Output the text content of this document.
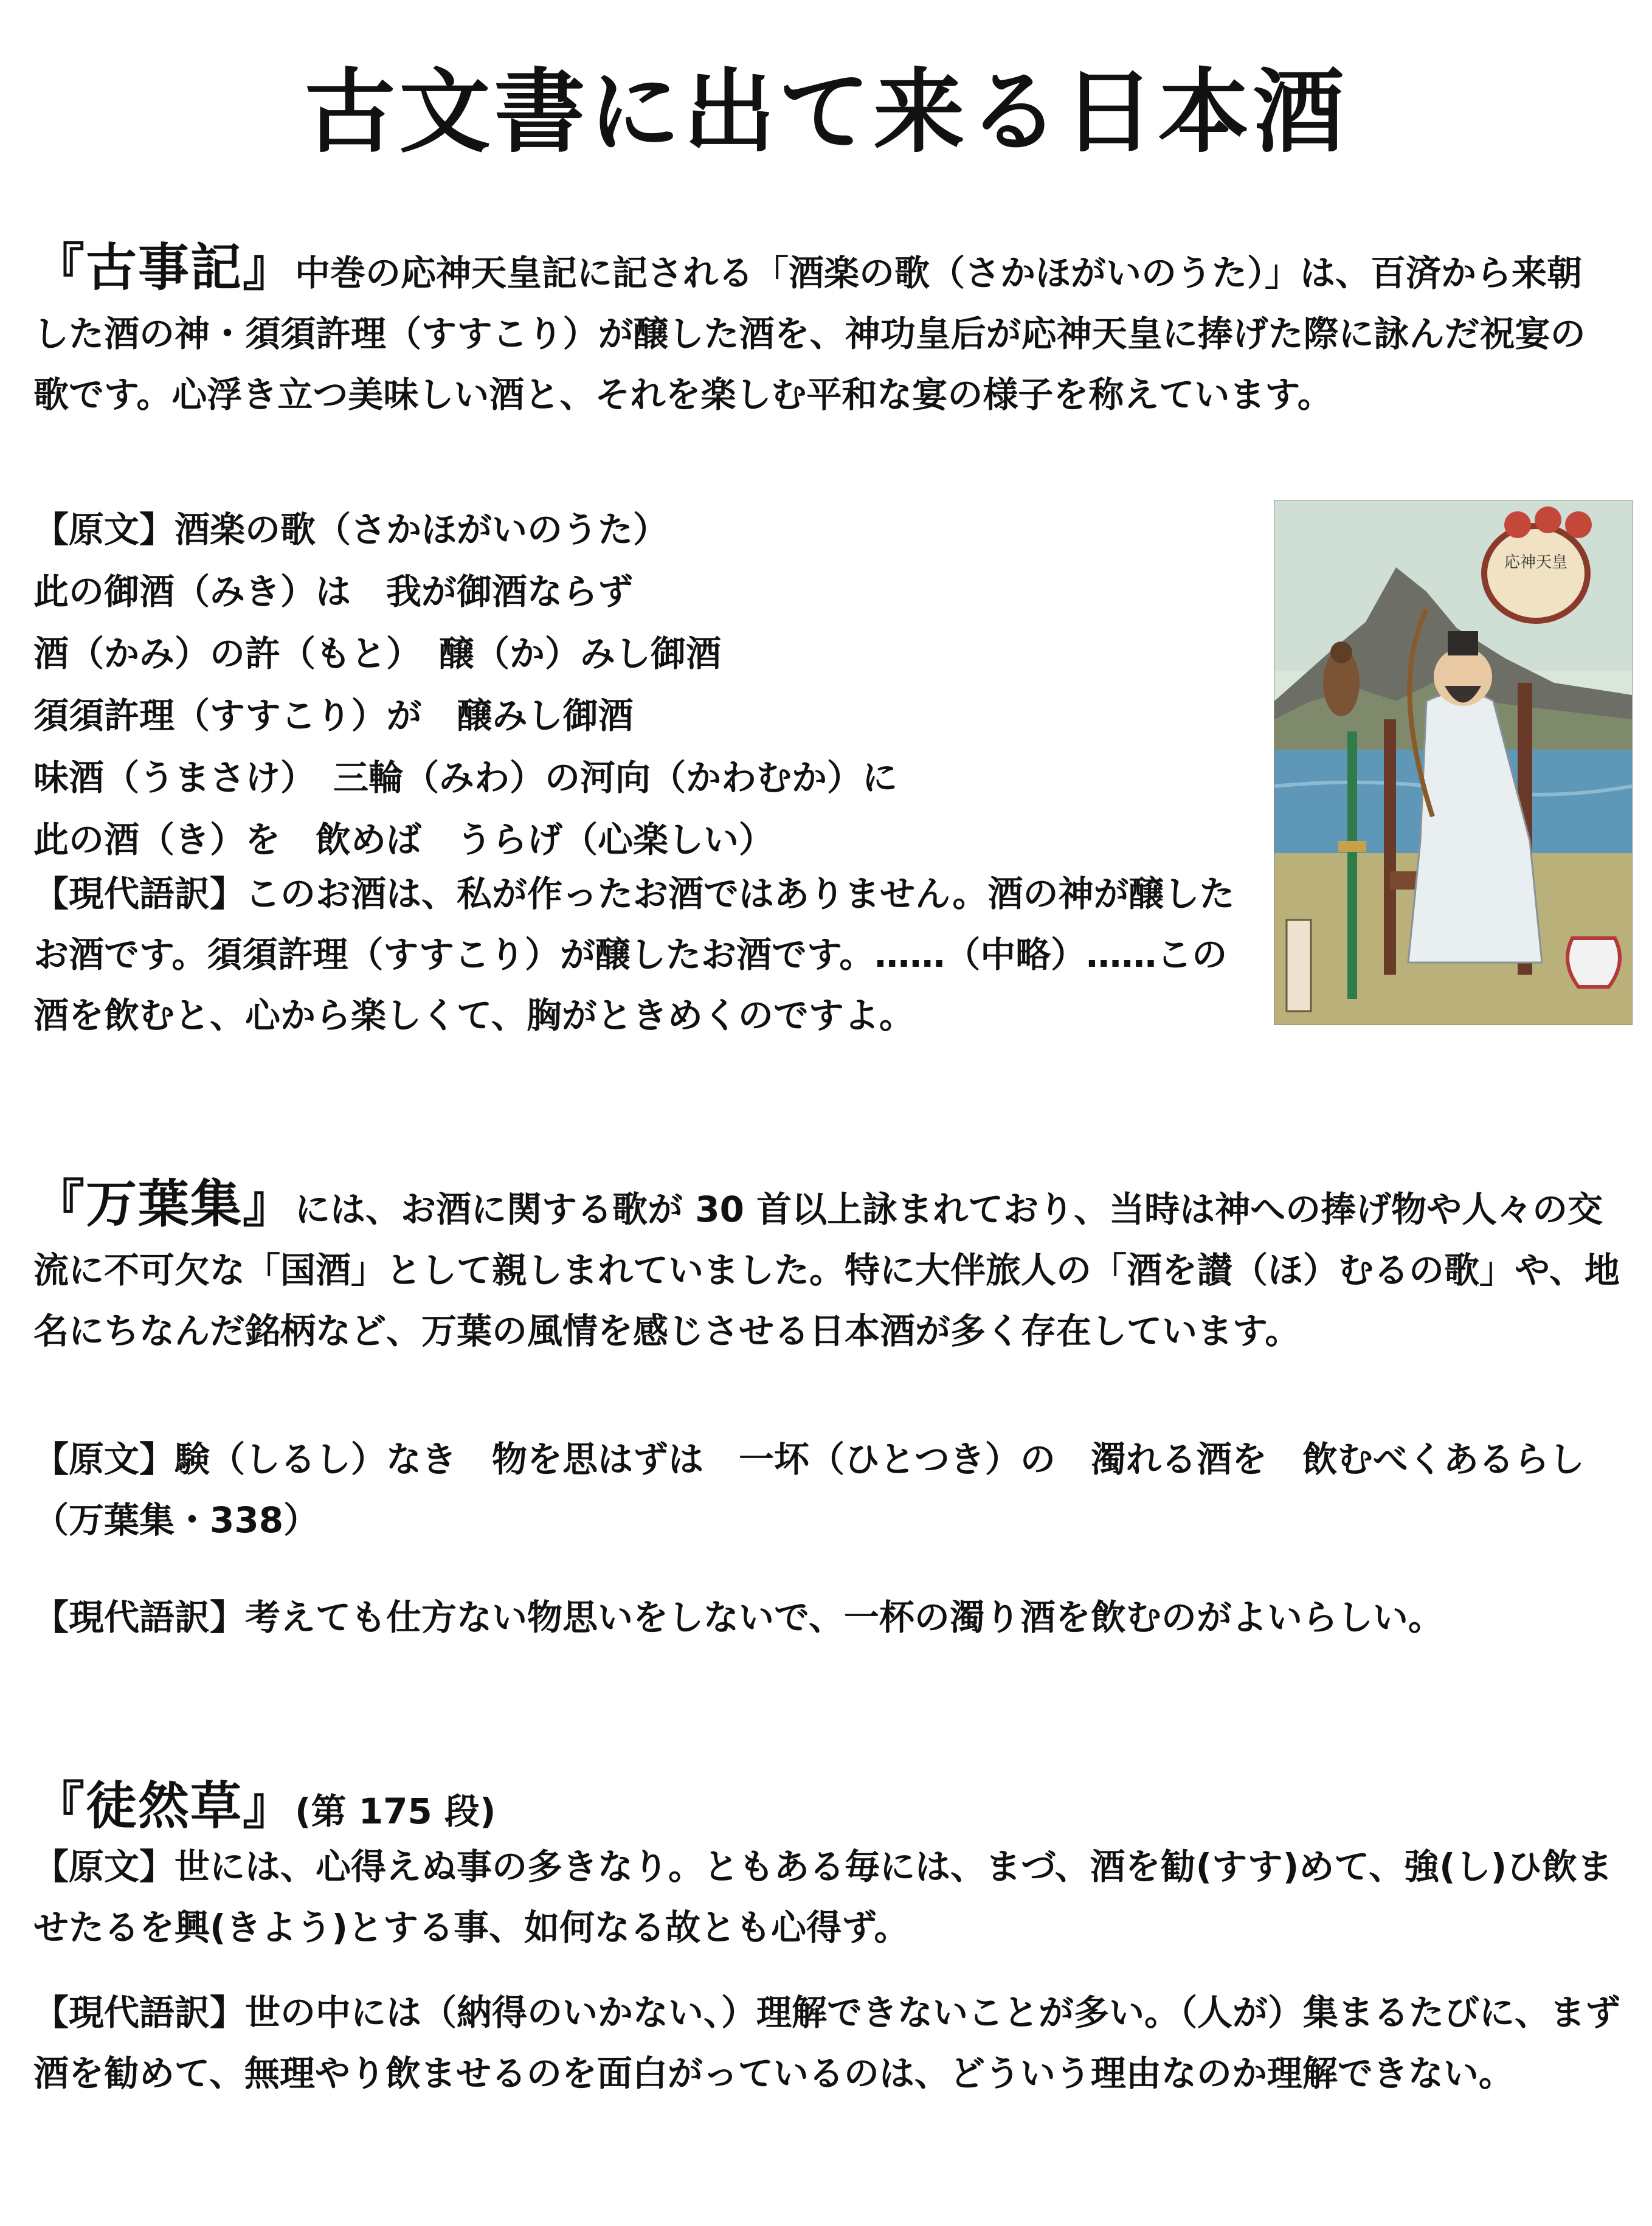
古文書に出て来る日本酒

『古事記』中巻の応神天皇記に記される「酒楽の歌（さかほがいのうた）」は、百済から来朝した酒の神・須須許理（すすこり）が醸した酒を、神功皇后が応神天皇に捧げた際に詠んだ祝宴の歌です。心浮き立つ美味しい酒と、それを楽しむ平和な宴の様子を称えています。

【原文】酒楽の歌（さかほがいのうた）

此の御酒（みき）は　我が御酒ならず

酒（かみ）の許（もと）　醸（か）みし御酒

須須許理（すすこり）が　醸みし御酒

味酒（うまさけ）　三輪（みわ）の河向（かわむか）に

此の酒（き）を　飲めば　うらげ（心楽しい）

【現代語訳】このお酒は、私が作ったお酒ではありません。酒の神が醸したお酒です。須須許理（すすこり）が醸したお酒です。……（中略）……この酒を飲むと、心から楽しくて、胸がときめくのですよ。

応神天皇

『万葉集』には、お酒に関する歌が 30 首以上詠まれており、当時は神への捧げ物や人々の交流に不可欠な「国酒」として親しまれていました。特に大伴旅人の「酒を讃（ほ）むるの歌」や、地名にちなんだ銘柄など、万葉の風情を感じさせる日本酒が多く存在しています。

【原文】験（しるし）なき　物を思はずは　一坏（ひとつき）の　濁れる酒を　飲むべくあるらし（万葉集・338）

【現代語訳】考えても仕方ない物思いをしないで、一杯の濁り酒を飲むのがよいらしい。

『徒然草』(第 175 段)

【原文】世には、心得えぬ事の多きなり。ともある毎には、まづ、酒を勧(すす)めて、強(し)ひ飲ませたるを興(きよう)とする事、如何なる故とも心得ず。

【現代語訳】世の中には（納得のいかない、）理解できないことが多い。（人が）集まるたびに、まず酒を勧めて、無理やり飲ませるのを面白がっているのは、どういう理由なのか理解できない。
